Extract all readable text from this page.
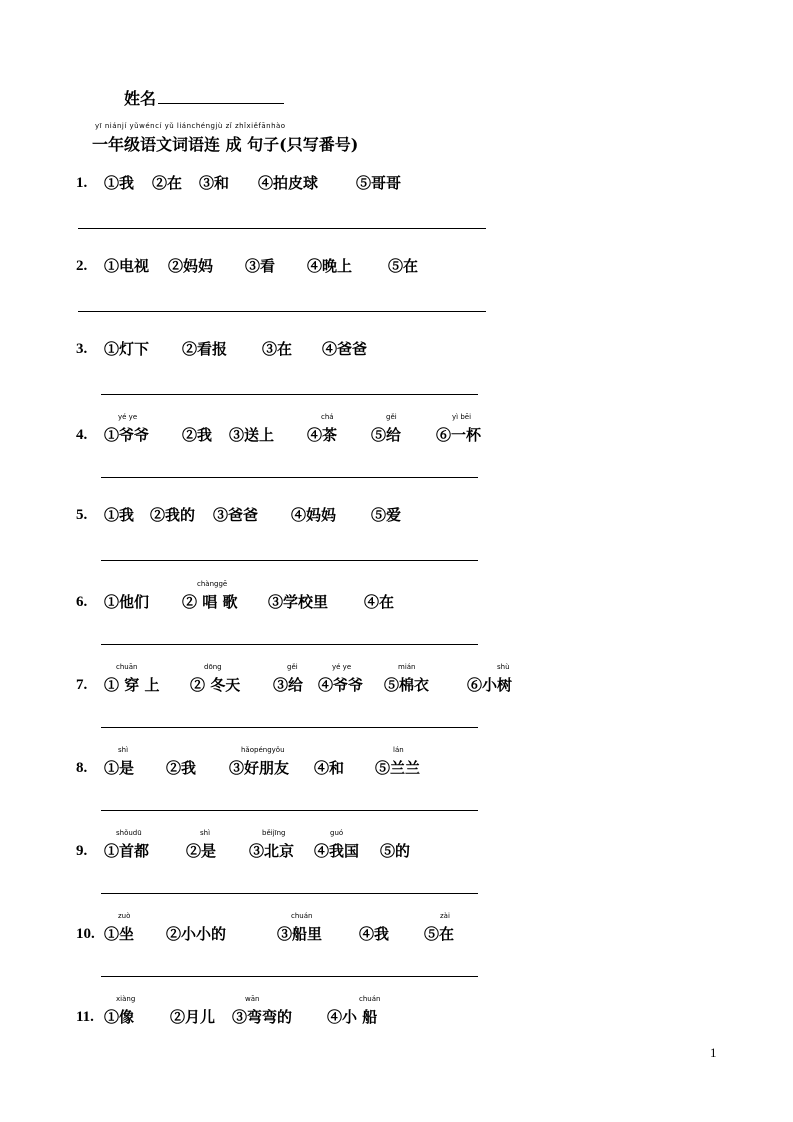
姓名
yī niánjí yǔwéncí yǔ liánchéngjù zǐ zhǐxiěfānhào
一年级语文词语连 成 句子(只写番号)
1. ①我 ②在 ③和 ④拍皮球	⑤哥哥
2. ①电视 ②妈妈 ③看 ④晚上 ⑤在
3. ①灯下 ②看报 ③在 ④爸爸
4.
yé ye
①爷爷 ②我 ③送上
chá
④茶
gěi
⑤给
yì bēi
⑥一杯
5. ①我 ②我的 ③爸爸 ④妈妈 ⑤爱
6. ①他们
chànggē
② 唱 歌 ③学校里 ④在
7.
chuān
① 穿 上
dōng
② 冬天
gěi
③给
yé ye
④爷爷
mián
⑤棉衣
shù
⑥小树
8.
shì
①是 ②我
hǎopéngyǒu
③好朋友 ④和
lán
⑤兰兰
9.
shǒudū
①首都
shì
②是
běijīng
③北京
guó
④我国 ⑤的
10.
zuò
①坐 ②小小的
chuán
③船里 ④我
zài
⑤在
11.
xiàng
①像 ②月儿
wān
③弯弯的
chuán
④小 船
1
